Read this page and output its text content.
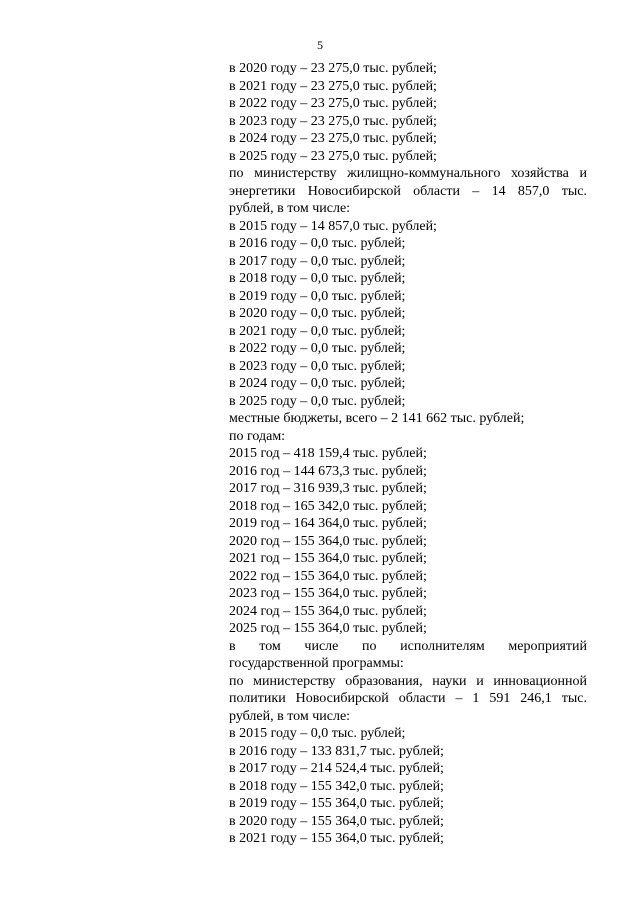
5
в 2020 году – 23 275,0 тыс. рублей;
в 2021 году – 23 275,0 тыс. рублей;
в 2022 году – 23 275,0 тыс. рублей;
в 2023 году – 23 275,0 тыс. рублей;
в 2024 году – 23 275,0 тыс. рублей;
в 2025 году – 23 275,0 тыс. рублей;
по министерству жилищно-коммунального хозяйства и
энергетики Новосибирской области – 14 857,0 тыс.
рублей, в том числе:
в 2015 году – 14 857,0 тыс. рублей;
в 2016 году – 0,0 тыс. рублей;
в 2017 году – 0,0 тыс. рублей;
в 2018 году – 0,0 тыс. рублей;
в 2019 году – 0,0 тыс. рублей;
в 2020 году – 0,0 тыс. рублей;
в 2021 году – 0,0 тыс. рублей;
в 2022 году – 0,0 тыс. рублей;
в 2023 году – 0,0 тыс. рублей;
в 2024 году – 0,0 тыс. рублей;
в 2025 году – 0,0 тыс. рублей;
местные бюджеты, всего – 2 141 662 тыс. рублей;
по годам:
2015 год – 418 159,4 тыс. рублей;
2016 год – 144 673,3 тыс. рублей;
2017 год – 316 939,3 тыс. рублей;
2018 год – 165 342,0 тыс. рублей;
2019 год – 164 364,0 тыс. рублей;
2020 год – 155 364,0 тыс. рублей;
2021 год – 155 364,0 тыс. рублей;
2022 год – 155 364,0 тыс. рублей;
2023 год – 155 364,0 тыс. рублей;
2024 год – 155 364,0 тыс. рублей;
2025 год – 155 364,0 тыс. рублей;
в том числе по исполнителям мероприятий
государственной программы:
по министерству образования, науки и инновационной
политики Новосибирской области – 1 591 246,1 тыс.
рублей, в том числе:
в 2015 году – 0,0 тыс. рублей;
в 2016 году – 133 831,7 тыс. рублей;
в 2017 году – 214 524,4 тыс. рублей;
в 2018 году – 155 342,0 тыс. рублей;
в 2019 году – 155 364,0 тыс. рублей;
в 2020 году – 155 364,0 тыс. рублей;
в 2021 году – 155 364,0 тыс. рублей;
